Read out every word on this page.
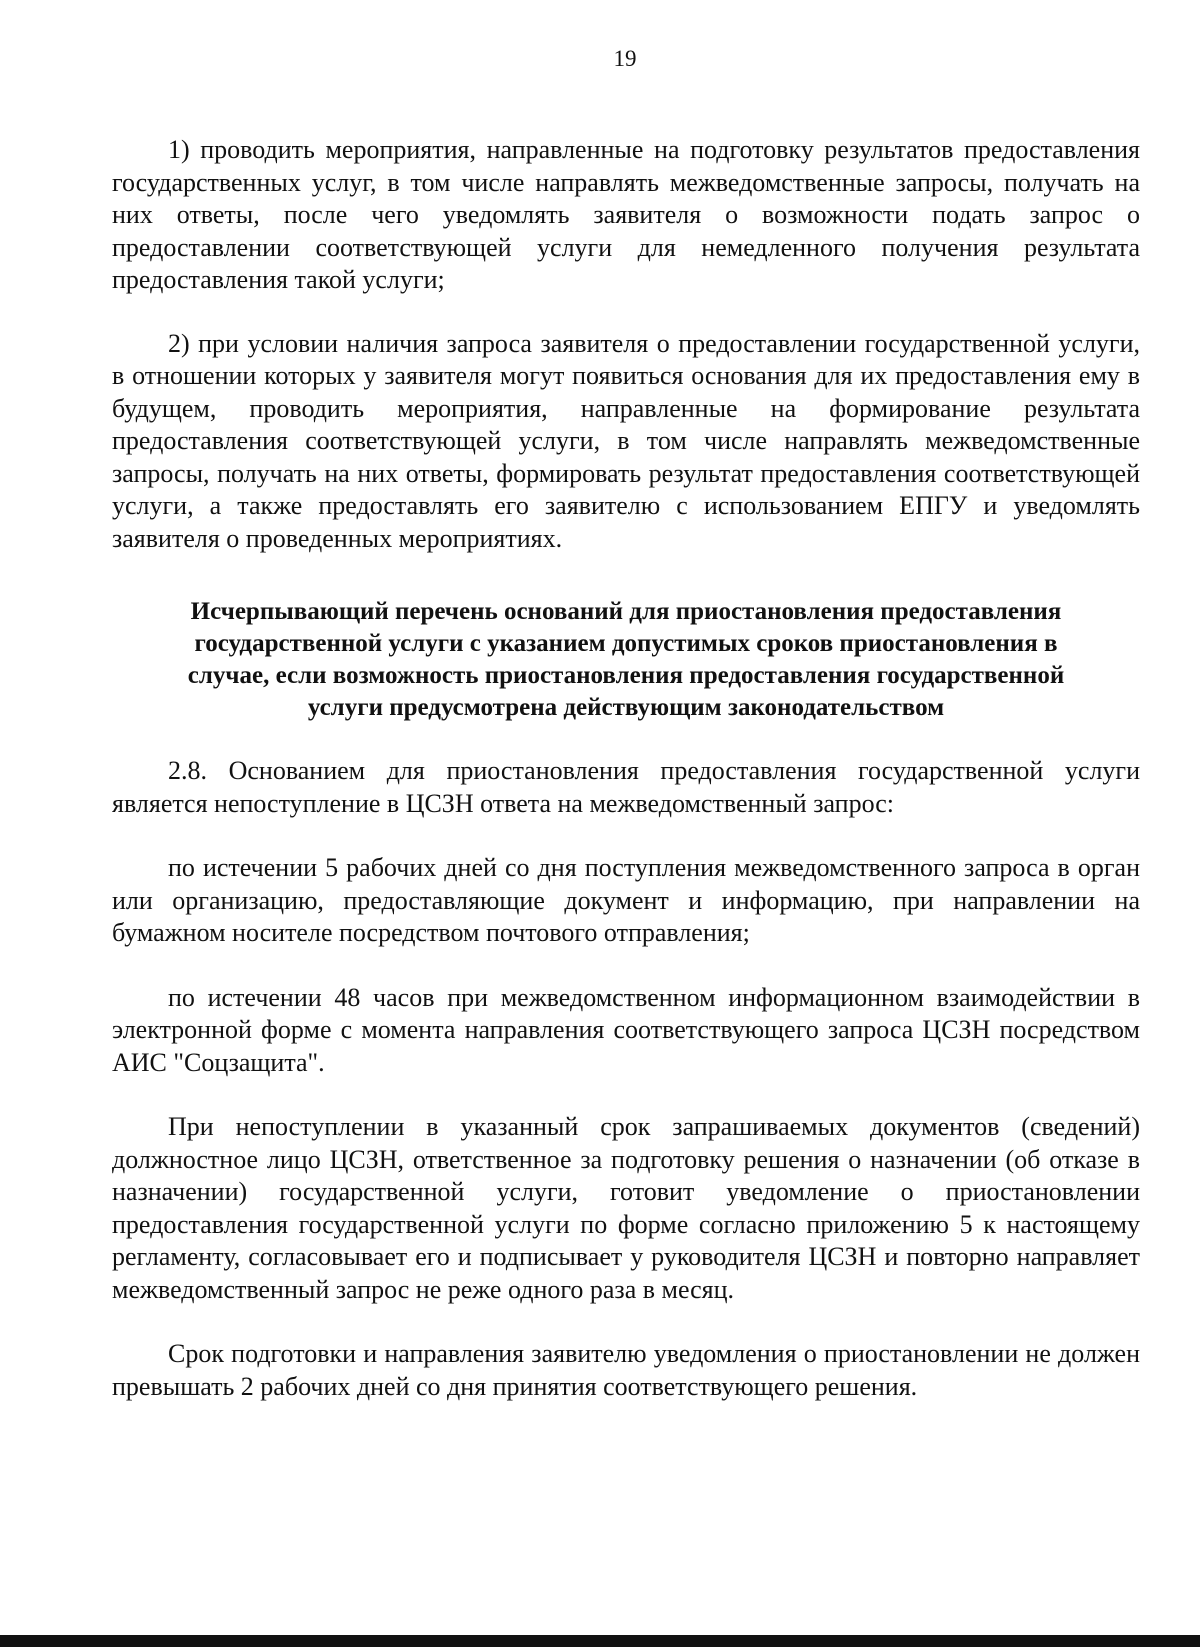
19

1) проводить мероприятия, направленные на подготовку результатов предоставления государственных услуг, в том числе направлять межведомственные запросы, получать на них ответы, после чего уведомлять заявителя о возможности подать запрос о предоставлении соответствующей услуги для немедленного получения результата предоставления такой услуги;

2) при условии наличия запроса заявителя о предоставлении государственной услуги, в отношении которых у заявителя могут появиться основания для их предоставления ему в будущем, проводить мероприятия, направленные на формирование результата предоставления соответствующей услуги, в том числе направлять межведомственные запросы, получать на них ответы, формировать результат предоставления соответствующей услуги, а также предоставлять его заявителю с использованием ЕПГУ и уведомлять заявителя о проведенных мероприятиях.

Исчерпывающий перечень оснований для приостановления предоставления государственной услуги с указанием допустимых сроков приостановления в случае, если возможность приостановления предоставления государственной услуги предусмотрена действующим законодательством

2.8. Основанием для приостановления предоставления государственной услуги является непоступление в ЦСЗН ответа на межведомственный запрос:

по истечении 5 рабочих дней со дня поступления межведомственного запроса в орган или организацию, предоставляющие документ и информацию, при направлении на бумажном носителе посредством почтового отправления;

по истечении 48 часов при межведомственном информационном взаимодействии в электронной форме с момента направления соответствующего запроса ЦСЗН посредством АИС "Соцзащита".

При непоступлении в указанный срок запрашиваемых документов (сведений) должностное лицо ЦСЗН, ответственное за подготовку решения о назначении (об отказе в назначении) государственной услуги, готовит уведомление о приостановлении предоставления государственной услуги по форме согласно приложению 5 к настоящему регламенту, согласовывает его и подписывает у руководителя ЦСЗН и повторно направляет межведомственный запрос не реже одного раза в месяц.

Срок подготовки и направления заявителю уведомления о приостановлении не должен превышать 2 рабочих дней со дня принятия соответствующего решения.
